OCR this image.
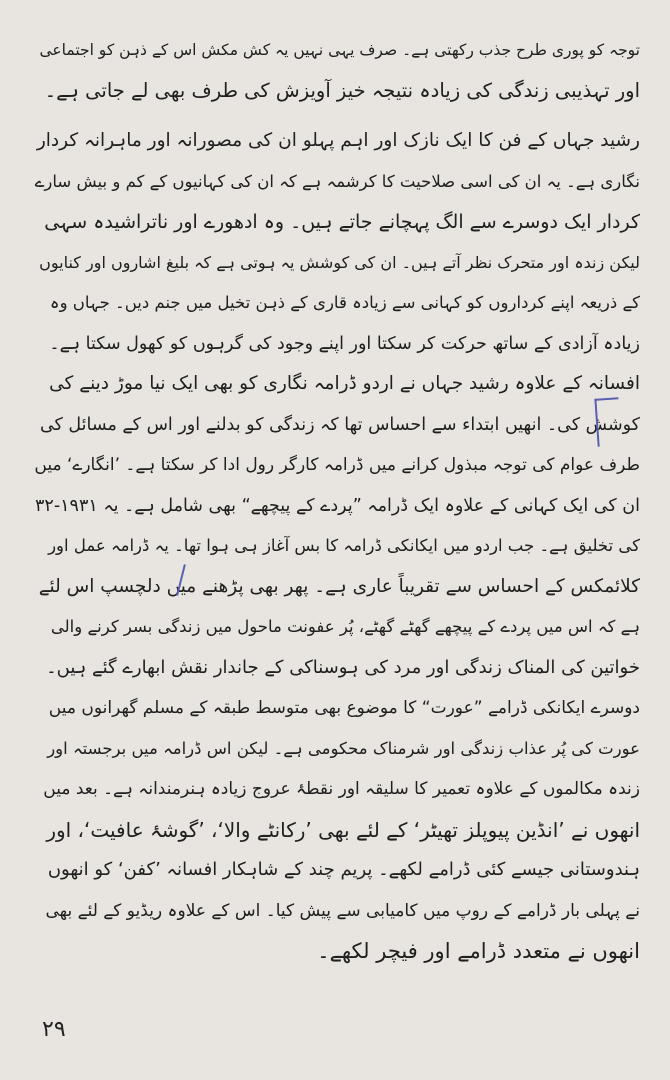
توجہ کو پوری طرح جذب رکھتی ہے۔ صرف یہی نہیں یہ کش مکش اس کے ذہن کو اجتماعی
اور تہذیبی زندگی کی زیادہ نتیجہ خیز آویزش کی طرف بھی لے جاتی ہے۔
رشید جہاں کے فن کا ایک نازک اور اہم پہلو ان کی مصورانہ اور ماہرانہ کردار
نگاری ہے۔ یہ ان کی اسی صلاحیت کا کرشمہ ہے کہ ان کی کہانیوں کے کم و بیش سارے
کردار ایک دوسرے سے الگ پہچانے جاتے ہیں۔ وہ ادھورے اور ناتراشیدہ سہی
لیکن زندہ اور متحرک نظر آتے ہیں۔ ان کی کوشش یہ ہوتی ہے کہ بلیغ اشاروں اور کنایوں
کے ذریعہ اپنے کرداروں کو کہانی سے زیادہ قاری کے ذہن تخیل میں جنم دیں۔ جہاں وہ
زیادہ آزادی کے ساتھ حرکت کر سکتا اور اپنے وجود کی گرہوں کو کھول سکتا ہے۔
افسانہ کے علاوہ رشید جہاں نے اردو ڈرامہ نگاری کو بھی ایک نیا موڑ دینے کی
کوشش کی۔ انھیں ابتداء سے احساس تھا کہ زندگی کو بدلنے اور اس کے مسائل کی
طرف عوام کی توجہ مبذول کرانے میں ڈرامہ کارگر رول ادا کر سکتا ہے۔ ’انگارے‘ میں
ان کی ایک کہانی کے علاوہ ایک ڈرامہ ”پردے کے پیچھے“ بھی شامل ہے۔ یہ ۱۹۳۱-۳۲
کی تخلیق ہے۔ جب اردو میں ایکانکی ڈرامہ کا بس آغاز ہی ہوا تھا۔ یہ ڈرامہ عمل اور
کلائمکس کے احساس سے تقریباً عاری ہے۔ پھر بھی پڑھنے میں دلچسپ اس لئے
ہے کہ اس میں پردے کے پیچھے گھٹے گھٹے، پُر عفونت ماحول میں زندگی بسر کرنے والی
خواتین کی المناک زندگی اور مرد کی ہوسناکی کے جاندار نقش ابھارے گئے ہیں۔
دوسرے ایکانکی ڈرامے ”عورت“ کا موضوع بھی متوسط طبقہ کے مسلم گھرانوں میں
عورت کی پُر عذاب زندگی اور شرمناک محکومی ہے۔ لیکن اس ڈرامہ میں برجستہ اور
زندہ مکالموں کے علاوہ تعمیر کا سلیقہ اور نقطۂ عروج زیادہ ہنرمندانہ ہے۔ بعد میں
انھوں نے ’انڈین پیوپلز تھیٹر‘ کے لئے بھی ’رکانٹے والا‘، ’گوشۂ عافیت‘، اور
ہندوستانی جیسے کئی ڈرامے لکھے۔ پریم چند کے شاہکار افسانہ ’کفن‘ کو انھوں
نے پہلی بار ڈرامے کے روپ میں کامیابی سے پیش کیا۔ اس کے علاوہ ریڈیو کے لئے بھی
انھوں نے متعدد ڈرامے اور فیچر لکھے۔
۲۹
